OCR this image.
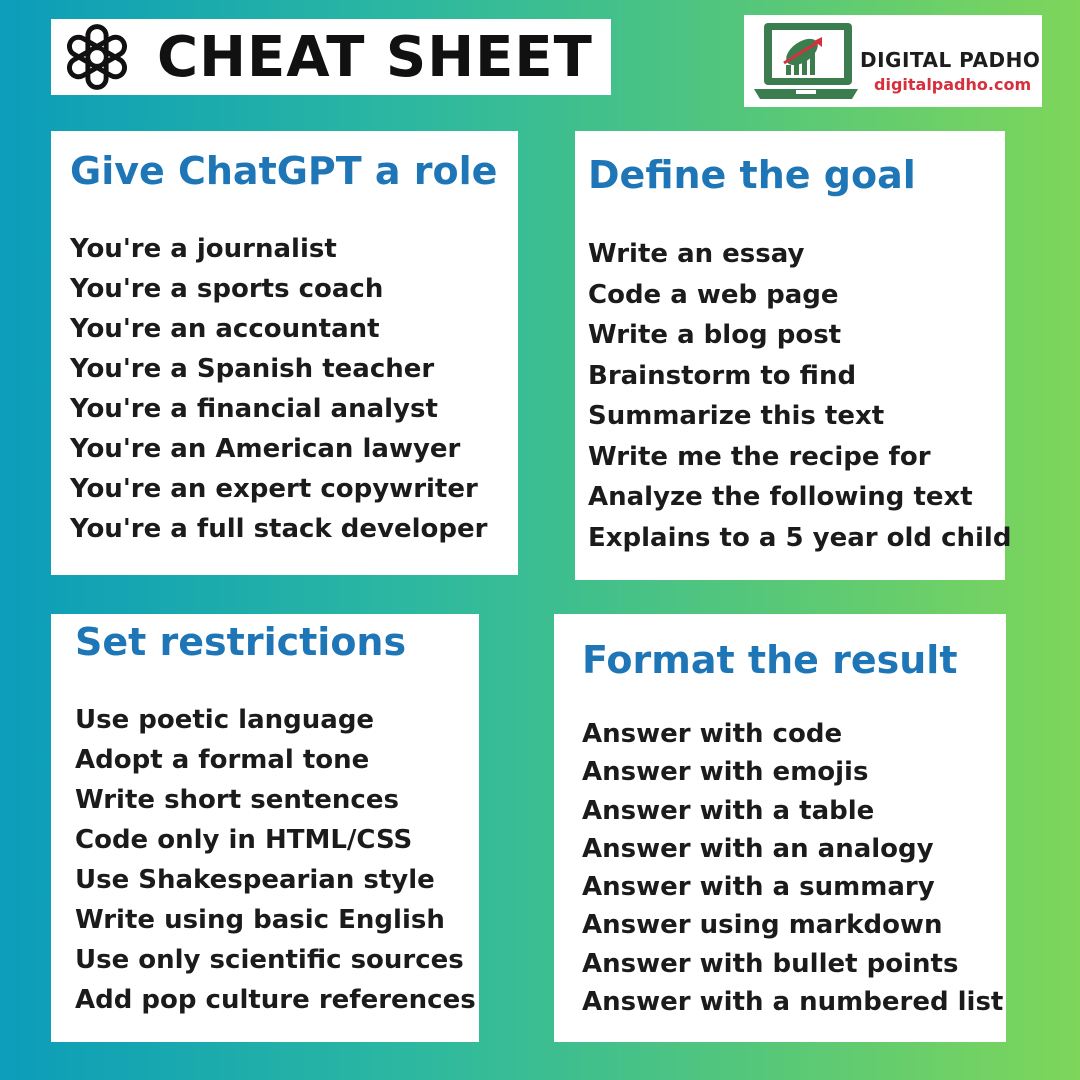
CHEAT SHEET	DIGITAL PADHO
digitalpadho.com
Give ChatGPT a role
You're a journalist
You're a sports coach
You're an accountant
You're a Spanish teacher
You're a financial analyst
You're an American lawyer
You're an expert copywriter
You're a full stack developer
Define the goal
Write an essay
Code a web page
Write a blog post
Brainstorm to find
Summarize this text
Write me the recipe for
Analyze the following text
Explains to a 5 year old child
Set restrictions
Use poetic language
Adopt a formal tone
Write short sentences
Code only in HTML/CSS
Use Shakespearian style
Write using basic English
Use only scientific sources
Add pop culture references
Format the result
Answer with code
Answer with emojis
Answer with a table
Answer with an analogy
Answer with a summary
Answer using markdown
Answer with bullet points
Answer with a numbered list
